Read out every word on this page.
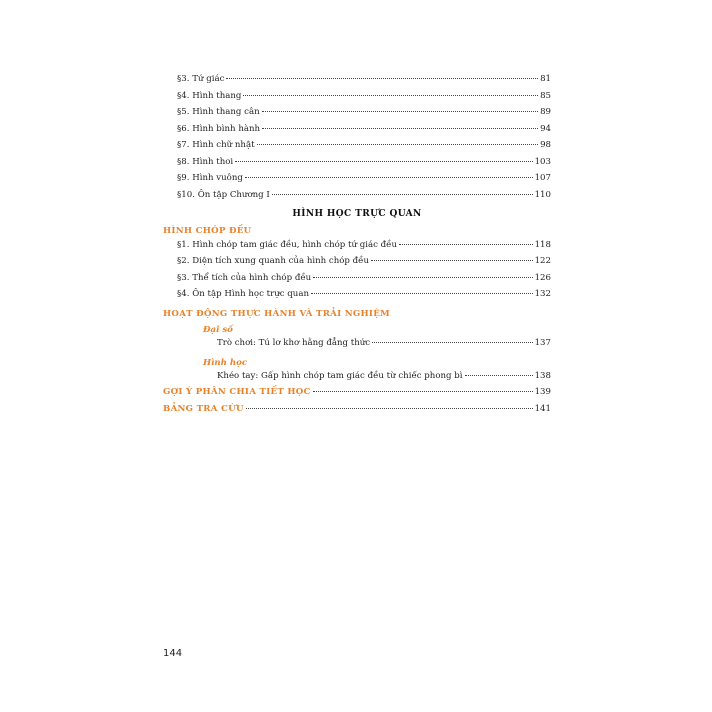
§3. Tứ giác	81
§4. Hình thang	85
§5. Hình thang cân	89
§6. Hình bình hành	94
§7. Hình chữ nhật	98
§8. Hình thoi	103
§9. Hình vuông	107
§10. Ôn tập Chương I	110
HÌNH HỌC TRỰC QUAN
HÌNH CHÓP ĐỀU
§1. Hình chóp tam giác đều, hình chóp tứ giác đều	118
§2. Diện tích xung quanh của hình chóp đều	122
§3. Thể tích của hình chóp đều	126
§4. Ôn tập Hình học trực quan	132
HOẠT ĐỘNG THỰC HÀNH VÀ TRẢI NGHIỆM
Đại số
Trò chơi: Tú lơ khơ hằng đẳng thức	137
Hình học
Khéo tay: Gấp hình chóp tam giác đều từ chiếc phong bì	138
GỢI Ý PHÂN CHIA TIẾT HỌC	139
BẢNG TRA CỨU	141
144
